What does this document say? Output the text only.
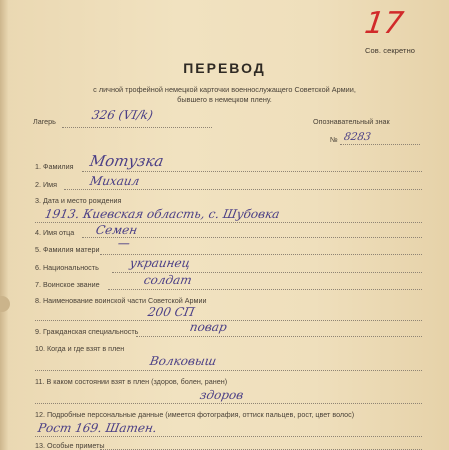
17
Сов. секретно
ПЕРЕВОД
с личной трофейной немецкой карточки военнослужащего Советской Армии,
бывшего в немецком плену.
Лагерь	326 (VI/k)	Опознавательный знак
№ 8283
1. Фамилия Мотузка
2. Имя	Михаил
3. Дата и место рождения
1913. Киевская область, с. Шубовка
4. Имя отца Семен
5. Фамилия матери —
6. Национальность украинец
7. Воинское звание	солдат
8. Наименование воинской части Советской Армии
200 СП
9. Гражданская специальность	повар
10. Когда и где взят в плен
Волковыш
11. В каком состоянии взят в плен (здоров, болен, ранен)
здоров
12. Подробные персональные данные (имеется фотография, оттиск пальцев, рост, цвет волос)
Рост 169. Шатен.
13. Особые приметы
